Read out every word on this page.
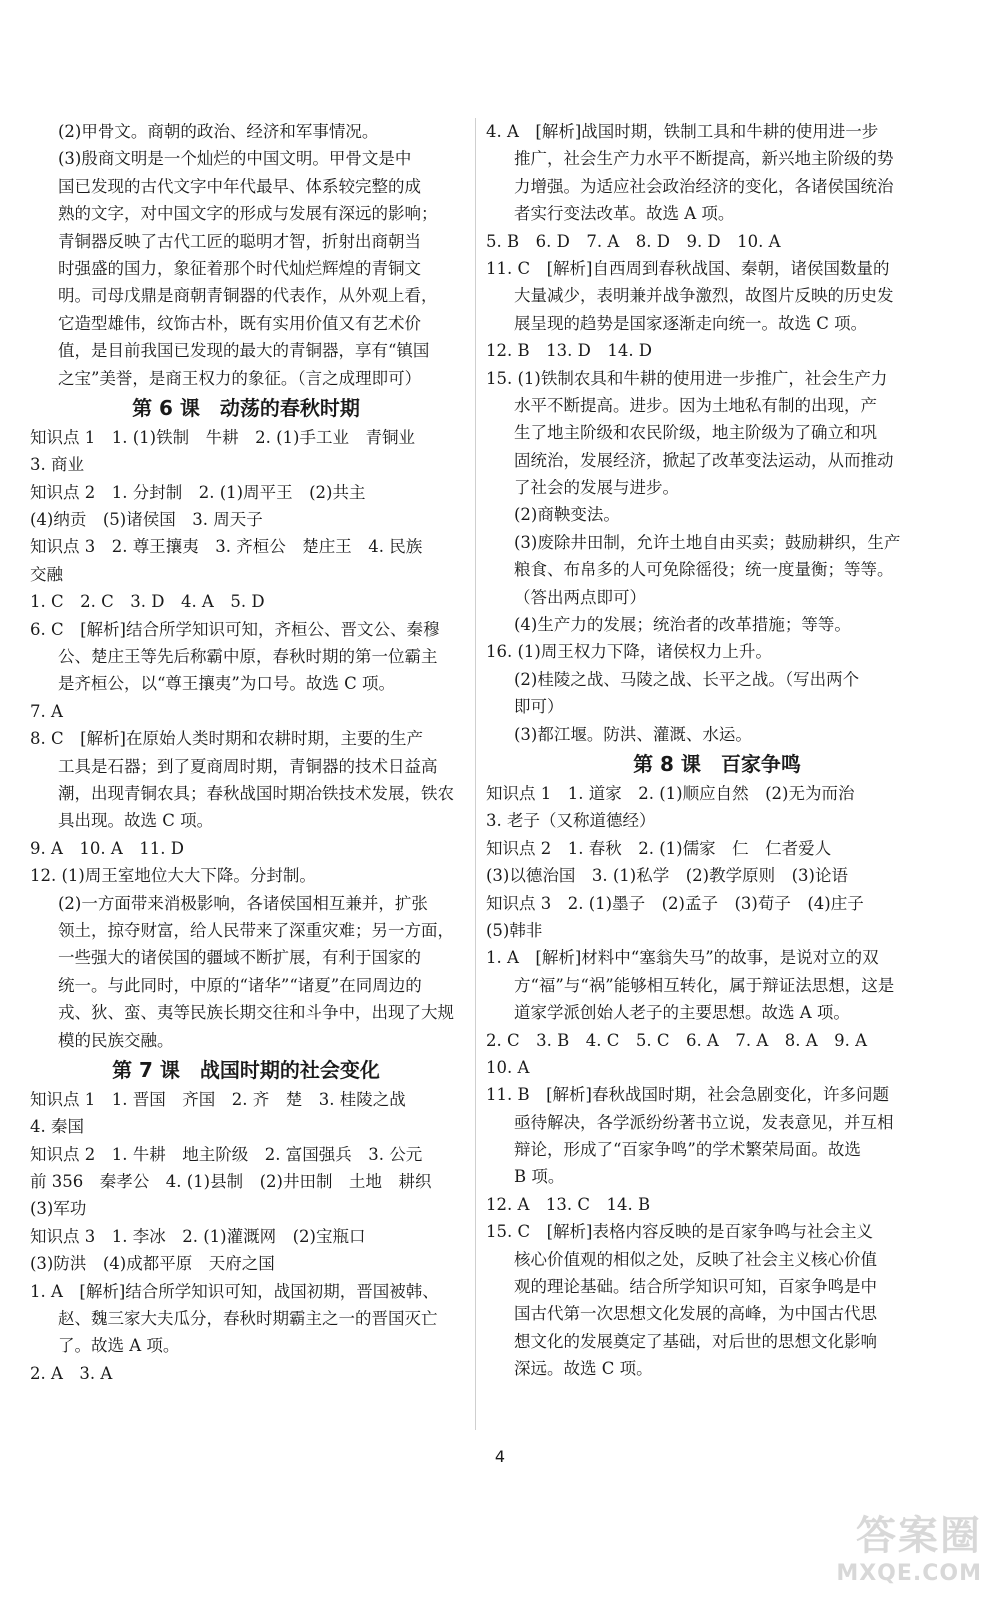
(2)甲骨文。商朝的政治、经济和军事情况。
(3)殷商文明是一个灿烂的中国文明。甲骨文是中
国已发现的古代文字中年代最早、体系较完整的成
熟的文字，对中国文字的形成与发展有深远的影响；
青铜器反映了古代工匠的聪明才智，折射出商朝当
时强盛的国力，象征着那个时代灿烂辉煌的青铜文
明。司母戊鼎是商朝青铜器的代表作，从外观上看，
它造型雄伟，纹饰古朴，既有实用价值又有艺术价
值，是目前我国已发现的最大的青铜器，享有“镇国
之宝”美誉，是商王权力的象征。（言之成理即可）
第 6 课　动荡的春秋时期
知识点 1　1. (1)铁制　牛耕　2. (1)手工业　青铜业
3. 商业
知识点 2　1. 分封制　2. (1)周平王　(2)共主
(4)纳贡　(5)诸侯国　3. 周天子
知识点 3　2. 尊王攘夷　3. 齐桓公　楚庄王　4. 民族
交融
1. C　2. C　3. D　4. A　5. D
6. C　[解析]结合所学知识可知，齐桓公、晋文公、秦穆
公、楚庄王等先后称霸中原，春秋时期的第一位霸主
是齐桓公，以“尊王攘夷”为口号。故选 C 项。
7. A
8. C　[解析]在原始人类时期和农耕时期，主要的生产
工具是石器；到了夏商周时期，青铜器的技术日益高
潮，出现青铜农具；春秋战国时期冶铁技术发展，铁农
具出现。故选 C 项。
9. A　10. A　11. D
12. (1)周王室地位大大下降。分封制。
(2)一方面带来消极影响，各诸侯国相互兼并，扩张
领土，掠夺财富，给人民带来了深重灾难；另一方面，
一些强大的诸侯国的疆域不断扩展，有利于国家的
统一。与此同时，中原的“诸华”“诸夏”在同周边的
戎、狄、蛮、夷等民族长期交往和斗争中，出现了大规
模的民族交融。
第 7 课　战国时期的社会变化
知识点 1　1. 晋国　齐国　2. 齐　楚　3. 桂陵之战
4. 秦国
知识点 2　1. 牛耕　地主阶级　2. 富国强兵　3. 公元
前 356　秦孝公　4. (1)县制　(2)井田制　土地　耕织
(3)军功
知识点 3　1. 李冰　2. (1)灌溉网　(2)宝瓶口
(3)防洪　(4)成都平原　天府之国
1. A　[解析]结合所学知识可知，战国初期，晋国被韩、
赵、魏三家大夫瓜分，春秋时期霸主之一的晋国灭亡
了。故选 A 项。
2. A　3. A
4. A　[解析]战国时期，铁制工具和牛耕的使用进一步
推广，社会生产力水平不断提高，新兴地主阶级的势
力增强。为适应社会政治经济的变化，各诸侯国统治
者实行变法改革。故选 A 项。
5. B　6. D　7. A　8. D　9. D　10. A
11. C　[解析]自西周到春秋战国、秦朝，诸侯国数量的
大量减少，表明兼并战争激烈，故图片反映的历史发
展呈现的趋势是国家逐渐走向统一。故选 C 项。
12. B　13. D　14. D
15. (1)铁制农具和牛耕的使用进一步推广，社会生产力
水平不断提高。进步。因为土地私有制的出现，产
生了地主阶级和农民阶级，地主阶级为了确立和巩
固统治，发展经济，掀起了改革变法运动，从而推动
了社会的发展与进步。
(2)商鞅变法。
(3)废除井田制，允许土地自由买卖；鼓励耕织，生产
粮食、布帛多的人可免除徭役；统一度量衡；等等。
（答出两点即可）
(4)生产力的发展；统治者的改革措施；等等。
16. (1)周王权力下降，诸侯权力上升。
(2)桂陵之战、马陵之战、长平之战。（写出两个
即可）
(3)都江堰。防洪、灌溉、水运。
第 8 课　百家争鸣
知识点 1　1. 道家　2. (1)顺应自然　(2)无为而治
3. 老子（又称道德经）
知识点 2　1. 春秋　2. (1)儒家　仁　仁者爱人
(3)以德治国　3. (1)私学　(2)教学原则　(3)论语
知识点 3　2. (1)墨子　(2)孟子　(3)荀子　(4)庄子
(5)韩非
1. A　[解析]材料中“塞翁失马”的故事，是说对立的双
方“福”与“祸”能够相互转化，属于辩证法思想，这是
道家学派创始人老子的主要思想。故选 A 项。
2. C　3. B　4. C　5. C　6. A　7. A　8. A　9. A
10. A
11. B　[解析]春秋战国时期，社会急剧变化，许多问题
亟待解决，各学派纷纷著书立说，发表意见，并互相
辩论，形成了“百家争鸣”的学术繁荣局面。故选
B 项。
12. A　13. C　14. B
15. C　[解析]表格内容反映的是百家争鸣与社会主义
核心价值观的相似之处，反映了社会主义核心价值
观的理论基础。结合所学知识可知，百家争鸣是中
国古代第一次思想文化发展的高峰，为中国古代思
想文化的发展奠定了基础，对后世的思想文化影响
深远。故选 C 项。
4
答案圈
MXQE.COM
